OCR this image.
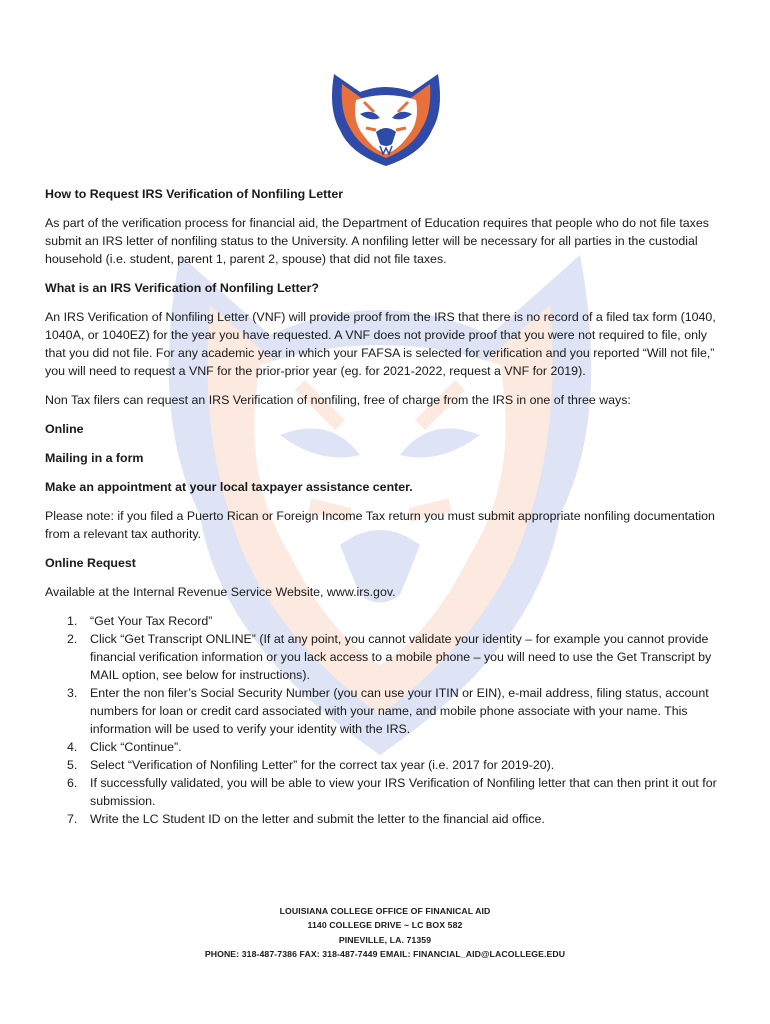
How to Request IRS Verification of Nonfiling Letter

As part of the verification process for financial aid, the Department of Education requires that people who do not file taxes submit an IRS letter of nonfiling status to the University. A nonfiling letter will be necessary for all parties in the custodial household (i.e. student, parent 1, parent 2, spouse) that did not file taxes.

What is an IRS Verification of Nonfiling Letter?

An IRS Verification of Nonfiling Letter (VNF) will provide proof from the IRS that there is no record of a filed tax form (1040, 1040A, or 1040EZ) for the year you have requested. A VNF does not provide proof that you were not required to file, only that you did not file. For any academic year in which your FAFSA is selected for verification and you reported “Will not file,” you will need to request a VNF for the prior-prior year (eg. for 2021-2022, request a VNF for 2019).

Non Tax filers can request an IRS Verification of nonfiling, free of charge from the IRS in one of three ways:

Online

Mailing in a form

Make an appointment at your local taxpayer assistance center.

Please note: if you filed a Puerto Rican or Foreign Income Tax return you must submit appropriate nonfiling documentation from a relevant tax authority.

Online Request

Available at the Internal Revenue Service Website, www.irs.gov.

1. “Get Your Tax Record”
2. Click “Get Transcript ONLINE” (If at any point, you cannot validate your identity – for example you cannot provide financial verification information or you lack access to a mobile phone – you will need to use the Get Transcript by MAIL option, see below for instructions).
3. Enter the non filer’s Social Security Number (you can use your ITIN or EIN), e-mail address, filing status, account numbers for loan or credit card associated with your name, and mobile phone associate with your name. This information will be used to verify your identity with the IRS.
4. Click “Continue”.
5. Select “Verification of Nonfiling Letter” for the correct tax year (i.e. 2017 for 2019-20).
6. If successfully validated, you will be able to view your IRS Verification of Nonfiling letter that can then print it out for submission.
7. Write the LC Student ID on the letter and submit the letter to the financial aid office.
LOUISIANA COLLEGE OFFICE OF FINANICAL AID
1140 COLLEGE DRIVE ~ LC BOX 582
PINEVILLE, LA. 71359
PHONE: 318-487-7386 FAX: 318-487-7449 EMAIL: FINANCIAL_AID@LACOLLEGE.EDU
